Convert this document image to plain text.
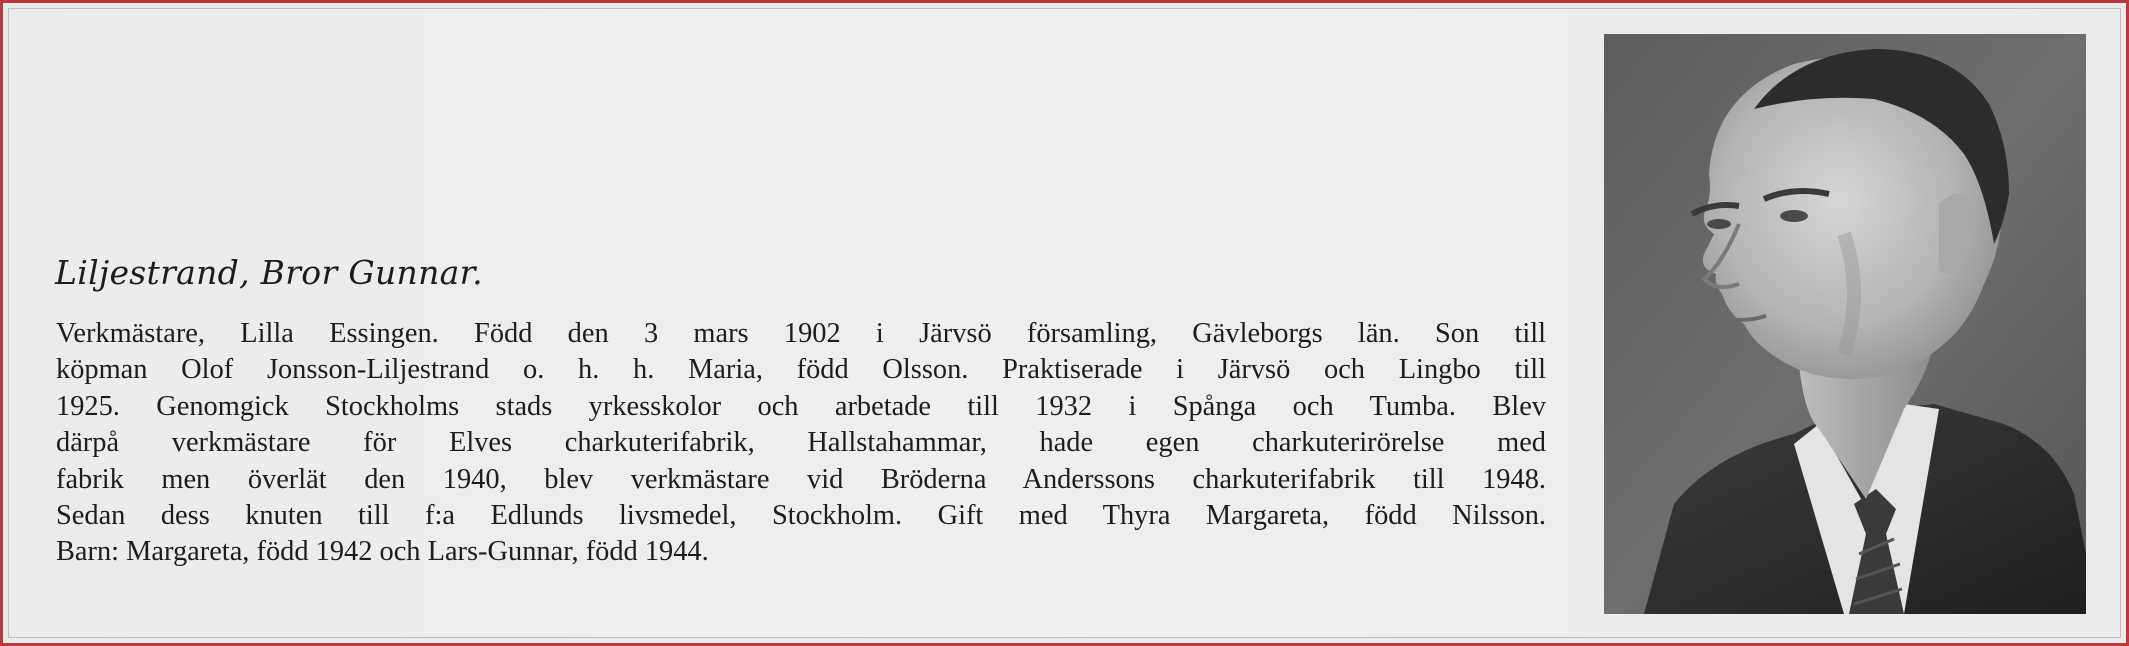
Liljestrand, Bror Gunnar.
Verkmästare, Lilla Essingen. Född den 3 mars 1902 i Järvsö församling, Gävleborgs län. Son till
köpman Olof Jonsson-Liljestrand o. h. h. Maria, född Olsson. Praktiserade i Järvsö och Lingbo till
1925. Genomgick Stockholms stads yrkesskolor och arbetade till 1932 i Spånga och Tumba. Blev
därpå verkmästare för Elves charkuterifabrik, Hallstahammar, hade egen charkuterirörelse med
fabrik men överlät den 1940, blev verkmästare vid Bröderna Anderssons charkuterifabrik till 1948.
Sedan dess knuten till f:a Edlunds livsmedel, Stockholm. Gift med Thyra Margareta, född Nilsson.
Barn: Margareta, född 1942 och Lars-Gunnar, född 1944.
